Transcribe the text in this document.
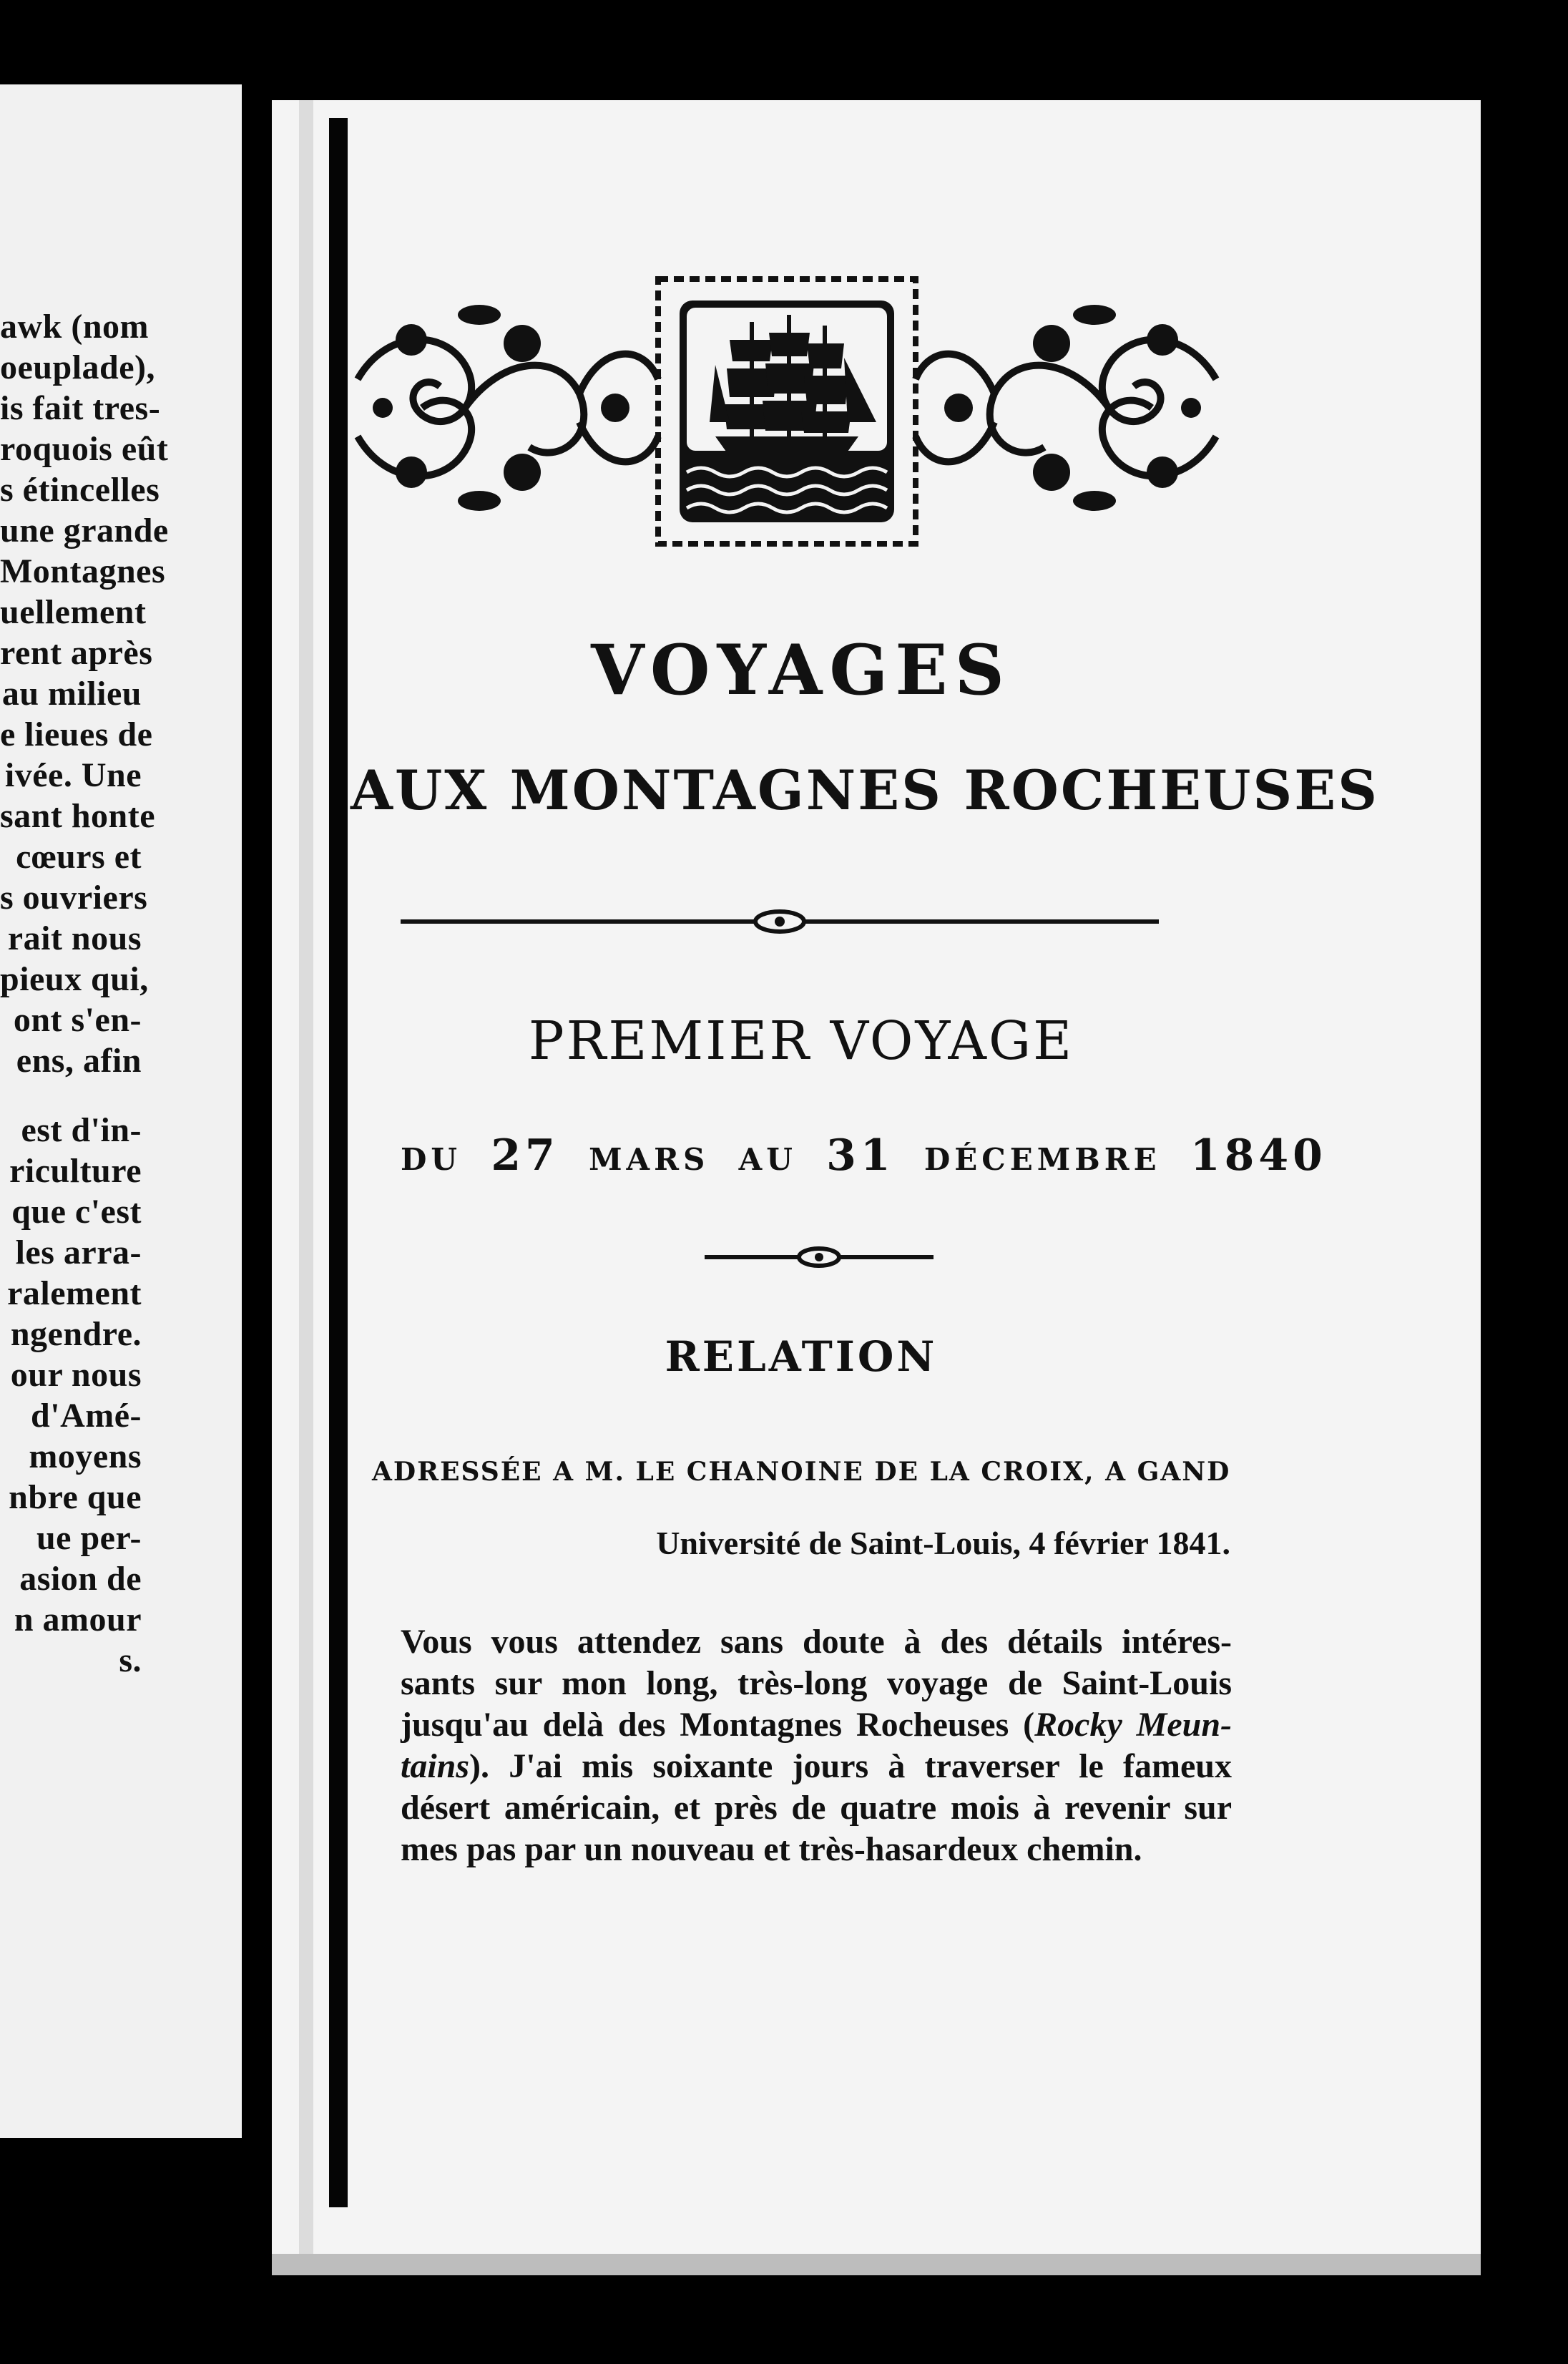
awk (nom
oeuplade),
is fait tres-
roquois eût
s étincelles
une grande
Montagnes
uellement
rent après
au milieu
e lieues de
ivée. Une
sant honte
cœurs et
s ouvriers
rait nous
pieux qui,
ont s'en-
ens, afin
est d'in-
riculture
que c'est
les arra-
ralement
ngendre.
our nous
d'Amé-
moyens
nbre que
ue per-
asion de
n amour
s.
VOYAGES
AUX MONTAGNES ROCHEUSES
PREMIER VOYAGE
DU 27 MARS AU 31 DÉCEMBRE 1840
RELATION
ADRESSÉE A M. LE CHANOINE DE LA CROIX, A GAND
Université de Saint-Louis, 4 février 1841.
Vous vous attendez sans doute à des détails intéres-
sants sur mon long, très-long voyage de Saint-Louis
jusqu'au delà des Montagnes Rocheuses (Rocky Meun-
tains). J'ai mis soixante jours à traverser le fameux
désert américain, et près de quatre mois à revenir sur
mes pas par un nouveau et très-hasardeux chemin.
